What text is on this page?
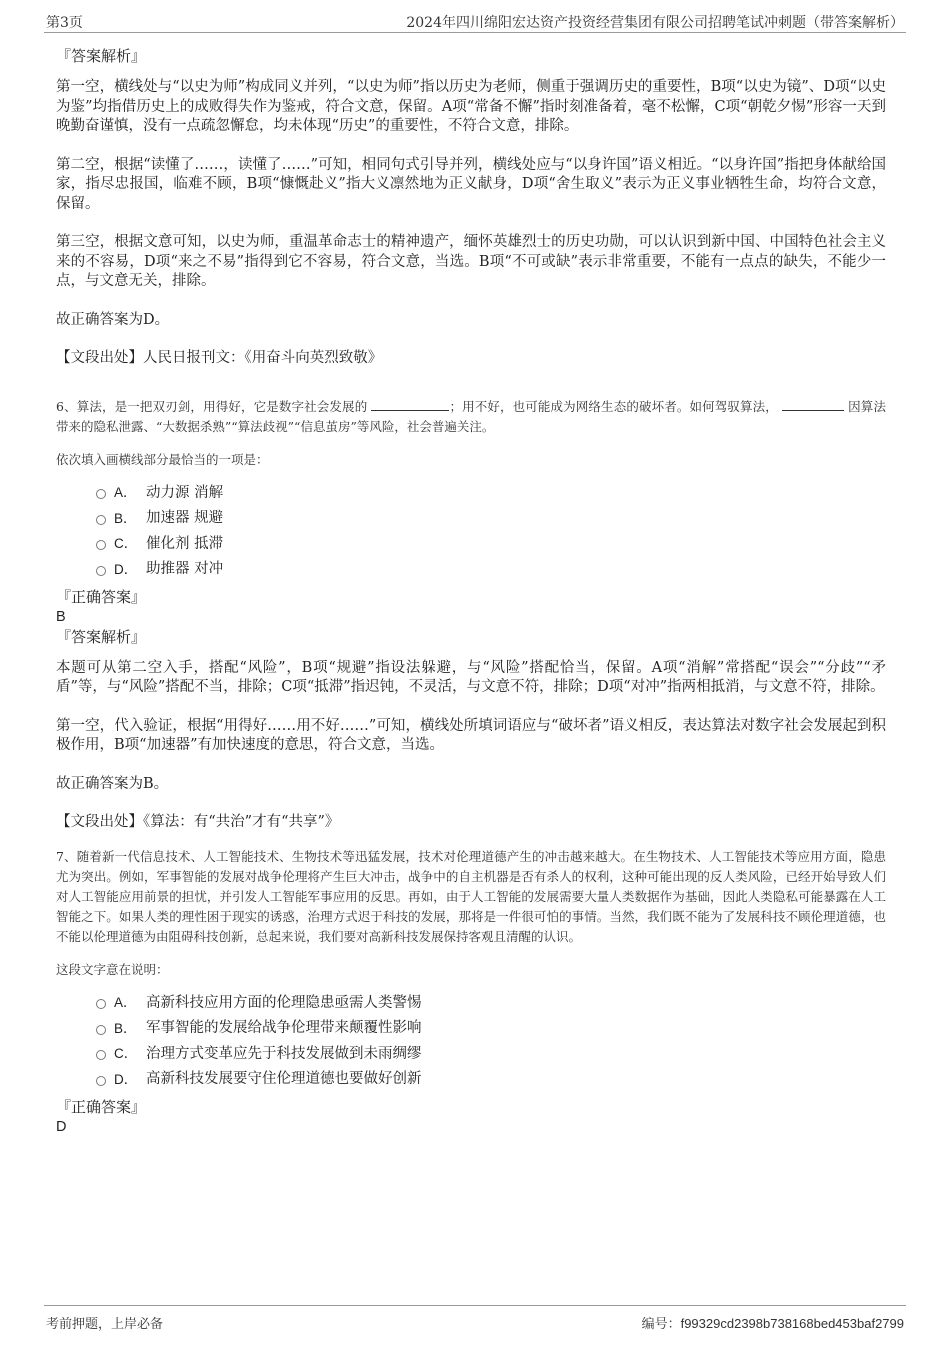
第3页	2024年四川绵阳宏达资产投资经营集团有限公司招聘笔试冲刺题（带答案解析）
『答案解析』

第一空，横线处与“以史为师”构成同义并列，“以史为师”指以历史为老师，侧重于强调历史的重要性，B项“以史为镜”、D项“以史为鉴”均指借历史上的成败得失作为鉴戒，符合文意，保留。A项“常备不懈”指时刻准备着，毫不松懈，C项“朝乾夕惕”形容一天到晚勤奋谨慎，没有一点疏忽懈怠，均未体现“历史”的重要性，不符合文意，排除。

第二空，根据“读懂了……，读懂了……”可知，相同句式引导并列，横线处应与“以身许国”语义相近。“以身许国”指把身体献给国家，指尽忠报国，临难不顾，B项“慷慨赴义”指大义凛然地为正义献身，D项“舍生取义”表示为正义事业牺牲生命，均符合文意，保留。

第三空，根据文意可知，以史为师，重温革命志士的精神遗产，缅怀英雄烈士的历史功勋，可以认识到新中国、中国特色社会主义来的不容易，D项“来之不易”指得到它不容易，符合文意，当选。B项“不可或缺”表示非常重要，不能有一点点的缺失，不能少一点，与文意无关，排除。

故正确答案为D。

【文段出处】人民日报刊文：《用奋斗向英烈致敬》

6、算法，是一把双刃剑，用得好，它是数字社会发展的	；用不好，也可能成为网络生态的破坏者。如何驾驭算法，	因算法带来的隐私泄露、“大数据杀熟”“算法歧视”“信息茧房”等风险，社会普遍关注。

依次填入画横线部分最恰当的一项是：

A． 动力源 消解
B． 加速器 规避
C． 催化剂 抵滞
D． 助推器 对冲
『正确答案』
B
『答案解析』

本题可从第二空入手，搭配“风险”，B项“规避”指设法躲避，与“风险”搭配恰当，保留。A项“消解”常搭配“误会”“分歧”“矛盾”等，与“风险”搭配不当，排除；C项“抵滞”指迟钝，不灵活，与文意不符，排除；D项“对冲”指两相抵消，与文意不符，排除。

第一空，代入验证，根据“用得好……用不好……”可知，横线处所填词语应与“破坏者”语义相反，表达算法对数字社会发展起到积极作用，B项“加速器”有加快速度的意思，符合文意，当选。

故正确答案为B。

【文段出处】《算法：有“共治”才有“共享”》

7、随着新一代信息技术、人工智能技术、生物技术等迅猛发展，技术对伦理道德产生的冲击越来越大。在生物技术、人工智能技术等应用方面，隐患尤为突出。例如，军事智能的发展对战争伦理将产生巨大冲击，战争中的自主机器是否有杀人的权利，这种可能出现的反人类风险，已经开始导致人们对人工智能应用前景的担忧，并引发人工智能军事应用的反思。再如，由于人工智能的发展需要大量人类数据作为基础，因此人类隐私可能暴露在人工智能之下。如果人类的理性困于现实的诱惑，治理方式迟于科技的发展，那将是一件很可怕的事情。当然，我们既不能为了发展科技不顾伦理道德，也不能以伦理道德为由阻碍科技创新，总起来说，我们要对高新科技发展保持客观且清醒的认识。

这段文字意在说明：

A． 高新科技应用方面的伦理隐患亟需人类警惕
B． 军事智能的发展给战争伦理带来颠覆性影响
C． 治理方式变革应先于科技发展做到未雨绸缪
D． 高新科技发展要守住伦理道德也要做好创新
『正确答案』
D
考前押题，上岸必备	编号：f99329cd2398b738168bed453baf2799
